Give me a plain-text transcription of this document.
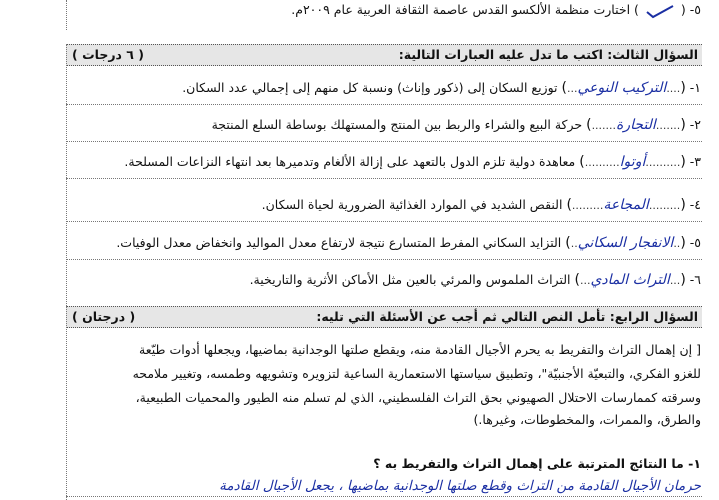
٥- (  ) اختارت منظمة الألكسو القدس عاصمة الثقافة العربية عام ٢٠٠٩م.
السؤال الثالث: اكتب ما تدل عليه العبارات التالية:
( ٦ درجات )
١- (....التركيب النوعي...) توزيع السكان إلى (ذكور وإناث) ونسبة كل منهم إلى إجمالي عدد السكان.
٢- (.......التجارة.......) حركة البيع والشراء والربط بين المنتج والمستهلك بوساطة السلع المنتجة
٣- (..........أوتوا..........) معاهدة دولية تلزم الدول بالتعهد على إزالة الألغام وتدميرها بعد انتهاء النزاعات المسلحة.
٤- (.........المجاعة.........) النقص الشديد في الموارد الغذائية الضرورية لحياة السكان.
٥- (..الانفجار السكاني..) التزايد السكاني المفرط المتسارع نتيجة لارتفاع معدل المواليد وانخفاض معدل الوفيات.
٦- (...التراث المادي...) التراث الملموس والمرئي بالعين مثل الأماكن الأثرية والتاريخية.
السؤال الرابع: تأمل النص التالي ثم أجب عن الأسئلة التي تليه:
( درجتان )
[ إن إهمال التراث والتفريط به يحرم الأجيال القادمة منه، ويقطع صلتها الوجدانية بماضيها، ويجعلها أدوات طيّعة
للغزو الفكري، والتبعيّة الأجنبيّة"، وتطبيق سياستها الاستعمارية الساعية لتزويره وتشويهه وطمسه، وتغيير ملامحه
وسرقته كممارسات الاحتلال الصهيوني بحق التراث الفلسطيني، الذي لم تسلم منه الطيور والمحميات الطبيعية،
والطرق، والممرات، والمخطوطات، وغيرها.)
١- ما النتائج المترتبة على إهمال التراث والتفريط به ؟
حرمان الأجيال القادمة من التراث وقطع صلتها الوجدانية بماضيها ، يجعل الأجيال القادمة
